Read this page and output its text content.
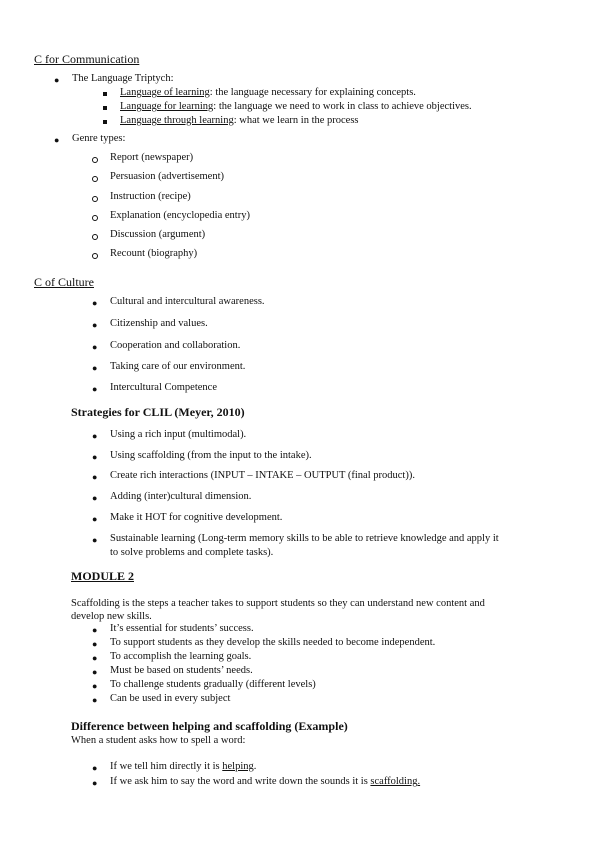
C for Communication
● The Language Triptych:
Language of learning: the language necessary for explaining concepts.
Language for learning: the language we need to work in class to achieve objectives.
Language through learning: what we learn in the process
● Genre types:
Report (newspaper)
Persuasion (advertisement)
Instruction (recipe)
Explanation (encyclopedia entry)
Discussion (argument)
Recount (biography)
C of Culture
● Cultural and intercultural awareness.
● Citizenship and values.
● Cooperation and collaboration.
● Taking care of our environment.
● Intercultural Competence
Strategies for CLIL (Meyer, 2010)
● Using a rich input (multimodal).
● Using scaffolding (from the input to the intake).
● Create rich interactions (INPUT – INTAKE – OUTPUT (final product)).
● Adding (inter)cultural dimension.
● Make it HOT for cognitive development.
● Sustainable learning (Long-term memory skills to be able to retrieve knowledge and apply it
to solve problems and complete tasks).
MODULE 2
Scaffolding is the steps a teacher takes to support students so they can understand new content and
develop new skills.
● It’s essential for students’ success.
● To support students as they develop the skills needed to become independent.
● To accomplish the learning goals.
● Must be based on students’ needs.
● To challenge students gradually (different levels)
● Can be used in every subject
Difference between helping and scaffolding (Example)
When a student asks how to spell a word:
● If we tell him directly it is helping.
● If we ask him to say the word and write down the sounds it is scaffolding.
